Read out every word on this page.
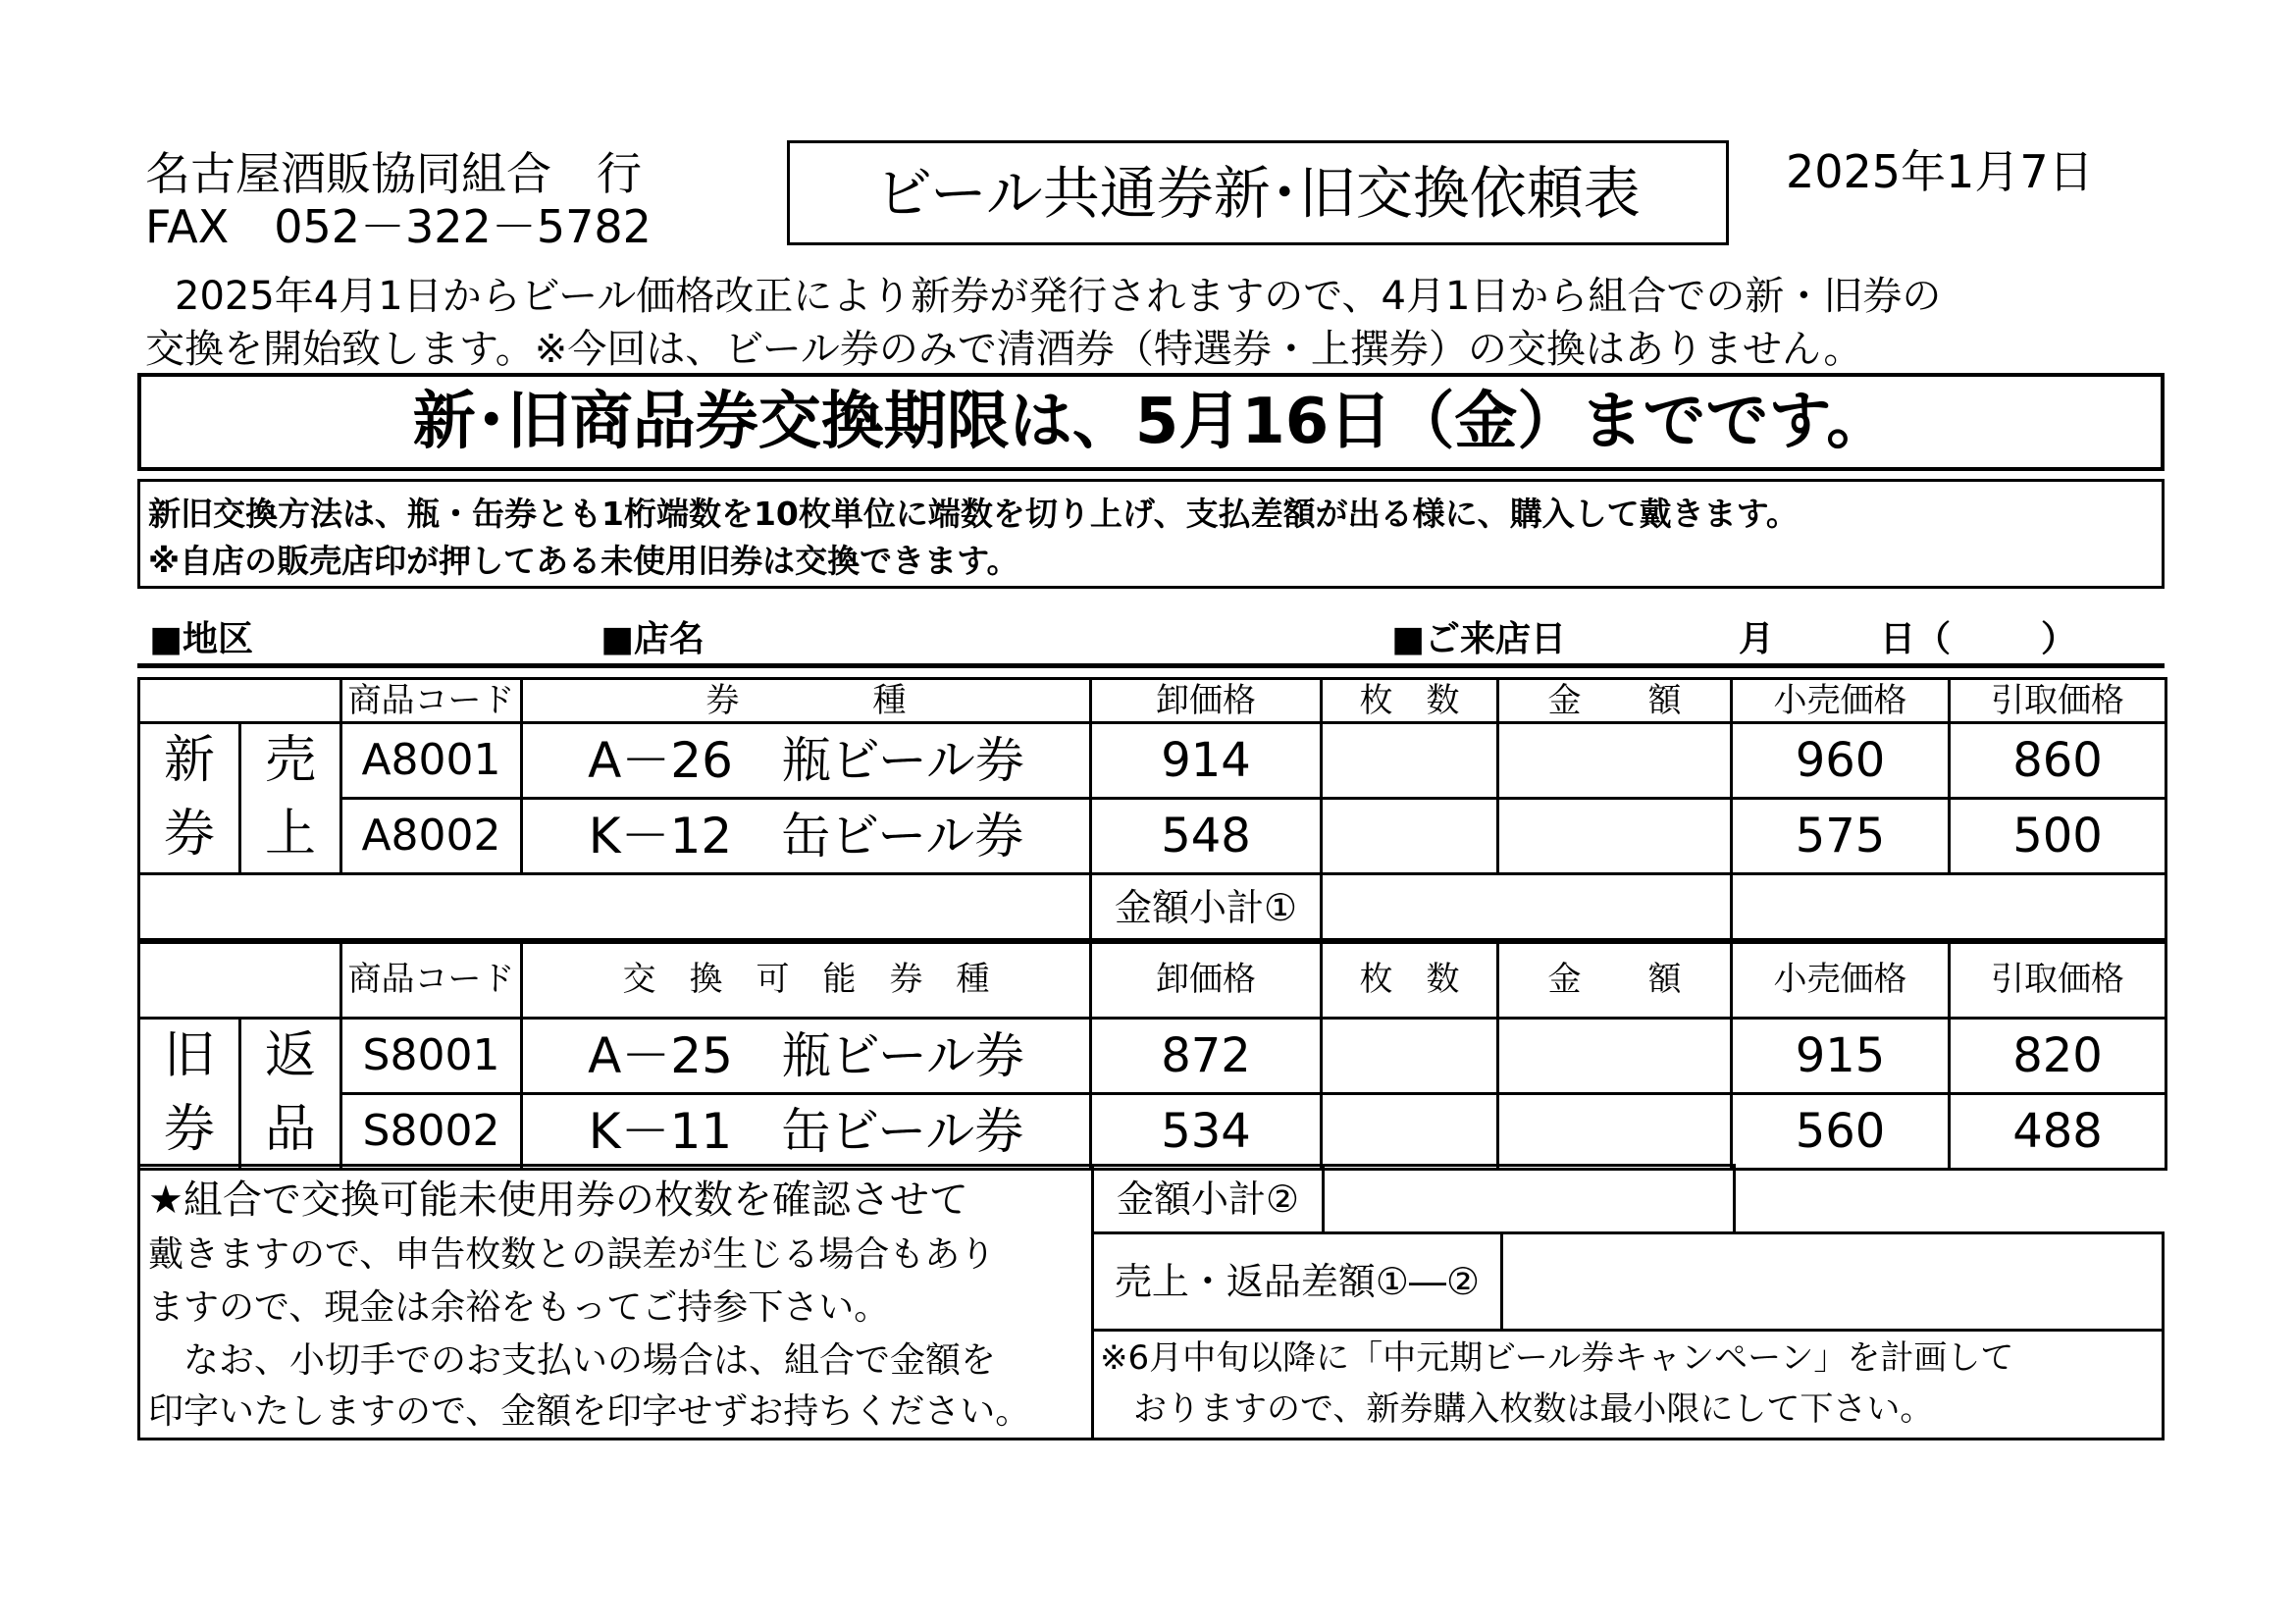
名古屋酒販協同組合　行
FAX　052－322－5782
ビール共通券新･旧交換依頼表	2025年1月7日
2025年4月1日からビール価格改正により新券が発行されますので、4月1日から組合での新・旧券の
交換を開始致します。※今回は、ビール券のみで清酒券（特選券・上撰券）の交換はありません。
新･旧商品券交換期限は、5月16日（金）までです。
新旧交換方法は、瓶・缶券とも1桁端数を10枚単位に端数を切り上げ、支払差額が出る様に、購入して戴きます。
※自店の販売店印が押してある未使用旧券は交換できます。
■地区	■店名	■ご来店日	月	日（	）
		商品コード	券　　　　種	卸価格	枚　数	金　　額	小売価格	引取価格
新券	売上	A8001	A－26　瓶ビール券	914			960	860
		A8002	K－12　缶ビール券	548			575	500
				金額小計①				
		商品コード	交　換　可　能　券　種	卸価格	枚　数	金　　額	小売価格	引取価格
旧券	返品	S8001	A－25　瓶ビール券	872			915	820
		S8002	K－11　缶ビール券	534			560	488
★組合で交換可能未使用券の枚数を確認させて
戴きますので、申告枚数との誤差が生じる場合もあり
ますので、現金は余裕をもってご持参下さい。
　なお、小切手でのお支払いの場合は、組合で金額を
印字いたしますので、金額を印字せずお持ちください。
金額小計②
売上・返品差額①―②
※6月中旬以降に「中元期ビール券キャンペーン」を計画して
　おりますので、新券購入枚数は最小限にして下さい。
